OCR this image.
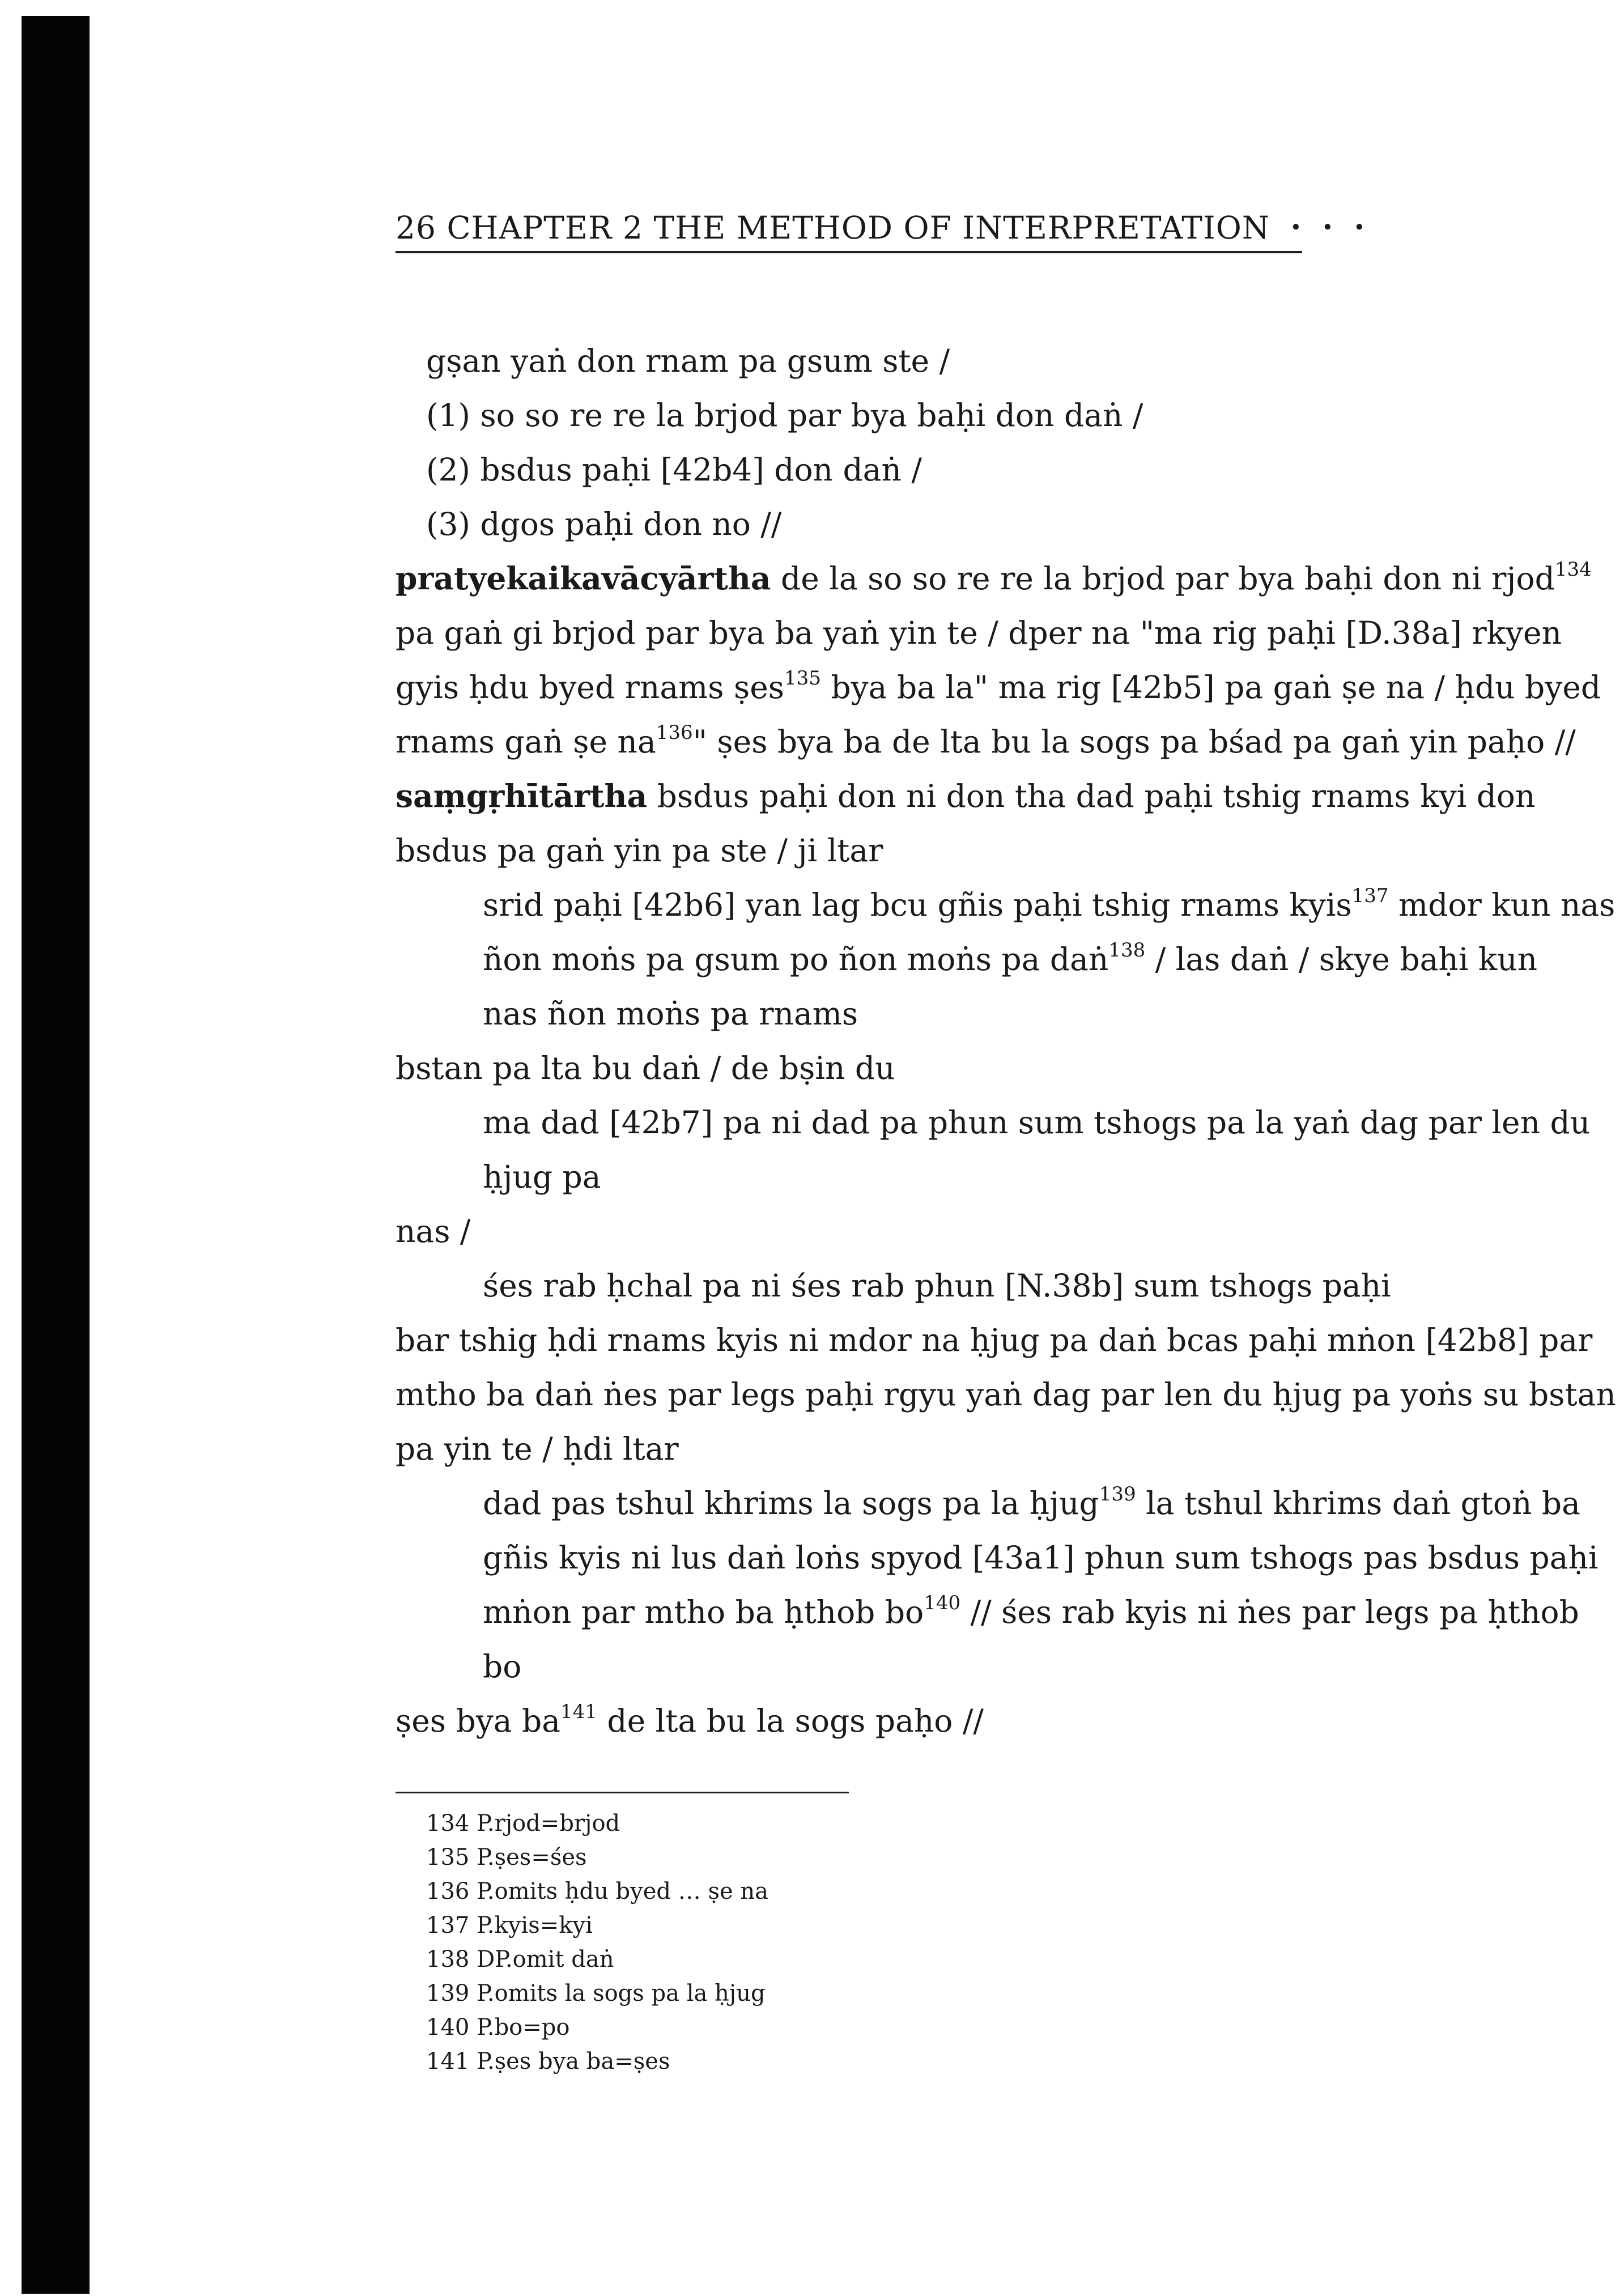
26 CHAPTER 2 THE METHOD OF INTERPRETATION ・・・
gṣan yaṅ don rnam pa gsum ste /
(1) so so re re la brjod par bya baḥi don daṅ /
(2) bsdus paḥi [42b4] don daṅ /
(3) dgos paḥi don no //
pratyekaikavācyārtha de la so so re re la brjod par bya baḥi don ni rjod$^{134}$
pa gaṅ gi brjod par bya ba yaṅ yin te / dper na "ma rig paḥi [D.38a] rkyen
gyis ḥdu byed rnams ṣes$^{135}$ bya ba la" ma rig [42b5] pa gaṅ ṣe na / ḥdu byed
rnams gaṅ ṣe $na^{136}$" ṣes bya ba de lta bu la sogs pa bśad pa gaṅ yin paḥo //
saṃgṛhītārtha bsdus paḥi don ni don tha dad paḥi tshig rnams kyi don
bsdus pa gaṅ yin pa ste / ji ltar
srid paḥi [42b6] yan lag bcu gñis paḥi tshig rnams kyis$^{137}$ mdor kun nas
ñon moṅs pa gsum po ñon moṅs pa daṅ$^{138}$ / las daṅ / skye baḥi kun
nas ñon moṅs pa rnams
bstan pa lta bu daṅ / de bṣin du
ma dad [42b7] pa ni dad pa phun sum tshogs pa la yaṅ dag par len du
ḥjug pa
nas /
śes rab ḥchal pa ni śes rab phun [N.38b] sum tshogs paḥi
bar tshig ḥdi rnams kyis ni mdor na ḥjug pa daṅ bcas paḥi mṅon [42b8] par
mtho ba daṅ ṅes par legs paḥi rgyu yaṅ dag par len du ḥjug pa yoṅs su bstan
pa yin te / ḥdi ltar
dad pas tshul khrims la sogs pa la ḥjug$^{139}$ la tshul khrims daṅ gtoṅ ba
gñis kyis ni lus daṅ loṅs spyod [43a1] phun sum tshogs pas bsdus paḥi
mṅon par mtho ba ḥthob $bo^{140}$ // śes rab kyis ni ṅes par legs pa ḥthob
bo
ṣes bya $ba^{141}$ de lta bu la sogs paḥo //
134 P.rjod=brjod
135 P.ṣes=śes
136 P.omits ḥdu byed … ṣe na
137 P.kyis=kyi
138 DP.omit daṅ
139 P.omits la sogs pa la ḥjug
140 P.bo=po
141 P.ṣes bya ba=ṣes
